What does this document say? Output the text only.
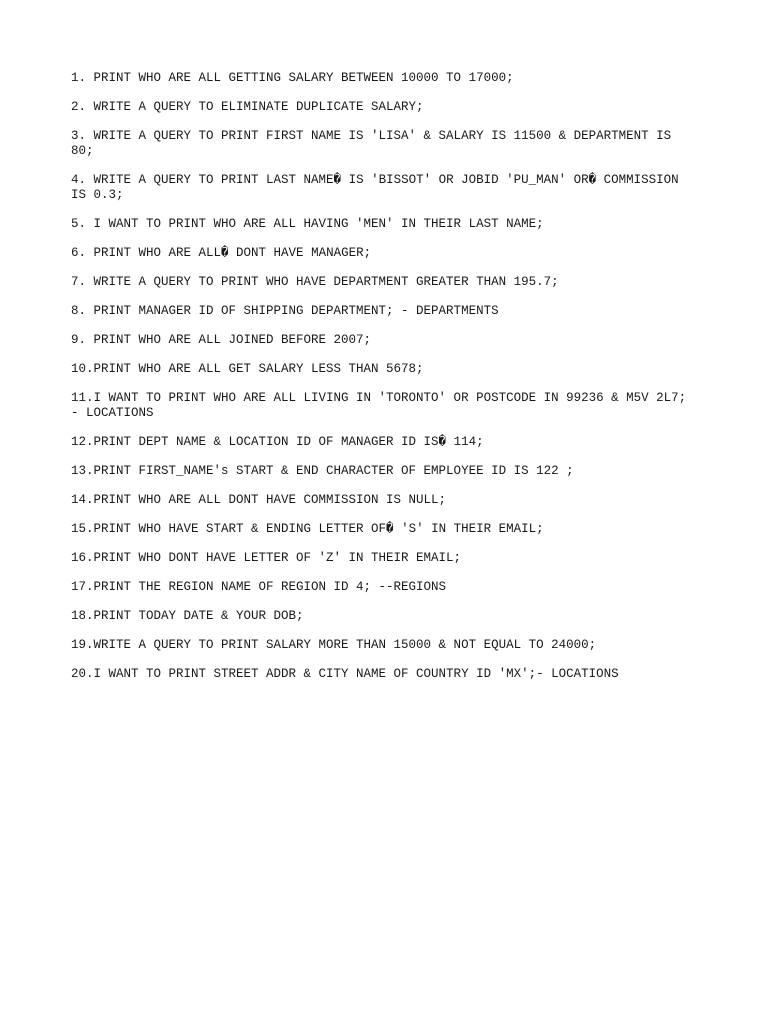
1. PRINT WHO ARE ALL GETTING SALARY BETWEEN 10000 TO 17000;
2. WRITE A QUERY TO ELIMINATE DUPLICATE SALARY;
3. WRITE A QUERY TO PRINT FIRST NAME IS 'LISA' & SALARY IS 11500 & DEPARTMENT IS 80;
4. WRITE A QUERY TO PRINT LAST NAME� IS 'BISSOT' OR JOBID 'PU_MAN' OR� COMMISSION IS 0.3;
5. I WANT TO PRINT WHO ARE ALL HAVING 'MEN' IN THEIR LAST NAME;
6. PRINT WHO ARE ALL� DONT HAVE MANAGER;
7. WRITE A QUERY TO PRINT WHO HAVE DEPARTMENT GREATER THAN 195.7;
8. PRINT MANAGER ID OF SHIPPING DEPARTMENT; - DEPARTMENTS
9. PRINT WHO ARE ALL JOINED BEFORE 2007;
10.PRINT WHO ARE ALL GET SALARY LESS THAN 5678;
11.I WANT TO PRINT WHO ARE ALL LIVING IN 'TORONTO' OR POSTCODE IN 99236 & M5V 2L7; - LOCATIONS
12.PRINT DEPT NAME & LOCATION ID OF MANAGER ID IS� 114;
13.PRINT FIRST_NAME's START & END CHARACTER OF EMPLOYEE ID IS 122 ;
14.PRINT WHO ARE ALL DONT HAVE COMMISSION IS NULL;
15.PRINT WHO HAVE START & ENDING LETTER OF� 'S' IN THEIR EMAIL;
16.PRINT WHO DONT HAVE LETTER OF 'Z' IN THEIR EMAIL;
17.PRINT THE REGION NAME OF REGION ID 4; --REGIONS
18.PRINT TODAY DATE & YOUR DOB;
19.WRITE A QUERY TO PRINT SALARY MORE THAN 15000 & NOT EQUAL TO 24000;
20.I WANT TO PRINT STREET ADDR & CITY NAME OF COUNTRY ID 'MX';- LOCATIONS
